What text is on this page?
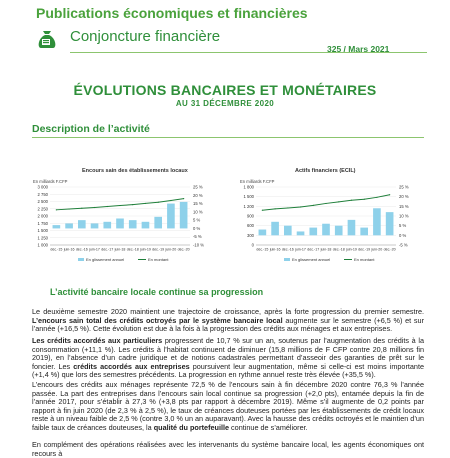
Publications économiques et financières
Conjoncture financière
325 / Mars 2021
ÉVOLUTIONS BANCAIRES ET MONÉTAIRES
AU 31 DÉCEMBRE 2020
Description de l’activité
Encours sain des établissements locaux
En milliards F.CFP
3 000
2 750
2 500
2 250
2 000
1 750
1 500
1 250
1 000
25 %
20 %
15 %
10 %
5 %
0 %
-5 %
-10 %
déc.-15 juin-16 déc.-16 juin-17 déc.-17 juin-18 déc.-18 juin-19 déc.-19 juin-20 déc.-20
En glissement annuel	En montant
Actifs financiers (ECIL)
En milliards F.CFP
1 800
1 500
1 200
900
600
300
0
25 %
20 %
15 %
10 %
5 %
0 %
-5 %
déc.-15 juin-16 déc.-16 juin-17 déc.-17 juin-18 déc.-18 juin-19 déc.-19 juin-20 déc.-20
En glissement annuel	En montant
L’activité bancaire locale continue sa progression
Le deuxième semestre 2020 maintient une trajectoire de croissance, après la forte progression du premier semestre. L’encours sain total des crédits octroyés par le système bancaire local augmente sur le semestre (+6,5 %) et sur l’année (+16,5 %). Cette évolution est due à la fois à la progression des crédits aux ménages et aux entreprises.
Les crédits accordés aux particuliers progressent de 10,7 % sur un an, soutenus par l’augmentation des crédits à la consommation (+11,1 %). Les crédits à l’habitat continuent de diminuer (15,8 millions de F CFP contre 20,8 millions fin 2019), en l’absence d’un cadre juridique et de notions cadastrales permettant d’asseoir des garanties de prêt sur le foncier. Les crédits accordés aux entreprises poursuivent leur augmentation, même si celle-ci est moins importante (+1,4 %) que lors des semestres précédents. La progression en rythme annuel reste très élevée (+35,5 %).
L’encours des crédits aux ménages représente 72,5 % de l’encours sain à fin décembre 2020 contre 76,3 % l’année passée. La part des entreprises dans l’encours sain local continue sa progression (+2,0 pts), entamée depuis la fin de l’année 2017, pour s’établir à 27,3 % (+3,8 pts par rapport à décembre 2019). Même s’il augmente de 0,2 points par rapport à fin juin 2020 (de 2,3 % à 2,5 %), le taux de créances douteuses portées par les établissements de crédit locaux reste à un niveau faible de 2,5 % (contre 3,0 % un an auparavant). Avec la hausse des crédits octroyés et le maintien d’un faible taux de créances douteuses, la qualité du portefeuille continue de s’améliorer.
En complément des opérations réalisées avec les intervenants du système bancaire local, les agents économiques ont recours à
